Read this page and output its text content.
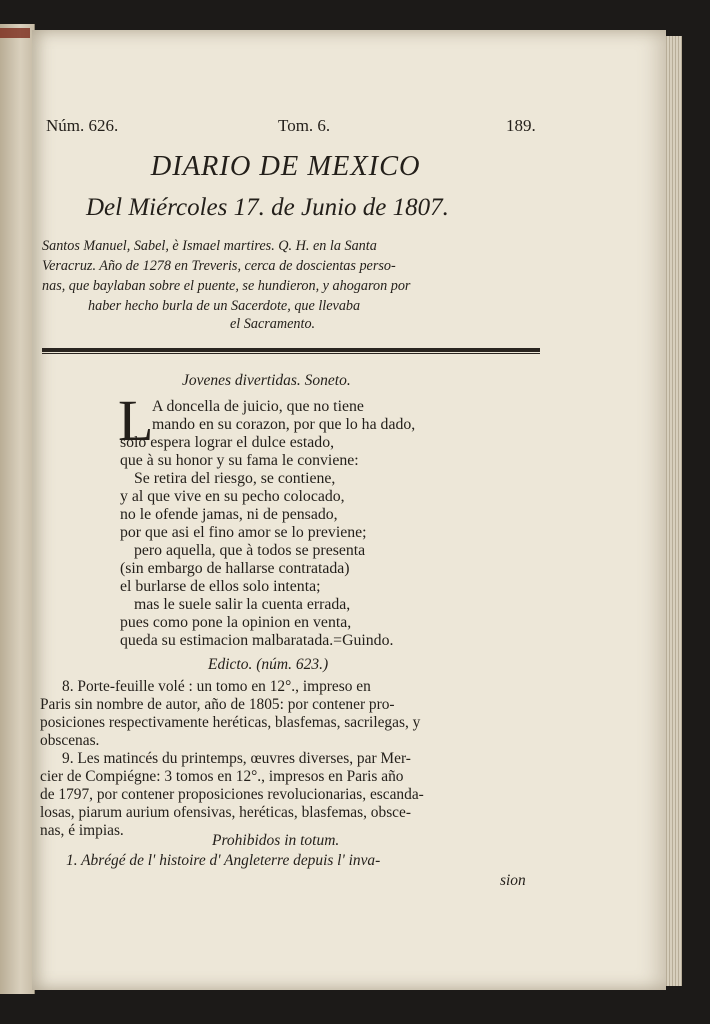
Núm. 626.	Tom. 6.	189.
DIARIO DE MEXICO
Del Miércoles 17. de Junio de 1807.
Santos Manuel, Sabel, è Ismael martires. Q. H. en la Santa
Veracruz. Año de 1278 en Treveris, cerca de doscientas perso-
nas, que baylaban sobre el puente, se hundieron, y ahogaron por
haber hecho burla de un Sacerdote, que llevaba
el Sacramento.
Jovenes divertidas. Soneto.
L
A doncella de juicio, que no tiene
mando en su corazon, por que lo ha dado,
solo espera lograr el dulce estado,
que à su honor y su fama le conviene:
Se retira del riesgo, se contiene,
y al que vive en su pecho colocado,
no le ofende jamas, ni de pensado,
por que asi el fino amor se lo previene;
pero aquella, que à todos se presenta
(sin embargo de hallarse contratada)
el burlarse de ellos solo intenta;
mas le suele salir la cuenta errada,
pues como pone la opinion en venta,
queda su estimacion malbaratada.=Guindo.
Edicto. (núm. 623.)
8. Porte-feuille volé : un tomo en 12°., impreso en
Paris sin nombre de autor, año de 1805: por contener pro-
posiciones respectivamente heréticas, blasfemas, sacrilegas, y
obscenas.
9. Les matincés du printemps, œuvres diverses, par Mer-
cier de Compiégne: 3 tomos en 12°., impresos en Paris año
de 1797, por contener proposiciones revolucionarias, escanda-
losas, piarum aurium ofensivas, heréticas, blasfemas, obsce-
nas, é impias.
Prohibidos in totum.
1. Abrégé de l' histoire d' Angleterre depuis l' inva-
sion
